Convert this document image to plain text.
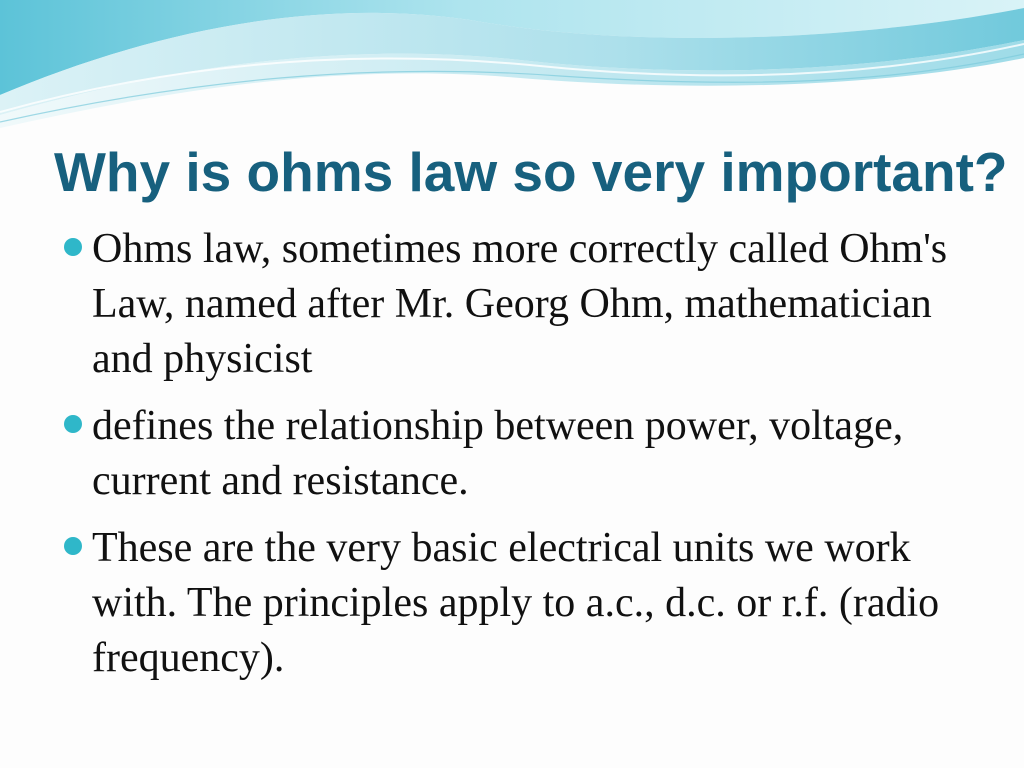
Why is ohms law so very important?
Ohms law, sometimes more correctly called Ohm's Law, named after Mr. Georg Ohm, mathematician and physicist
defines the relationship between power, voltage, current and resistance.
These are the very basic electrical units we work with. The principles apply to a.c., d.c. or r.f. (radio frequency).
